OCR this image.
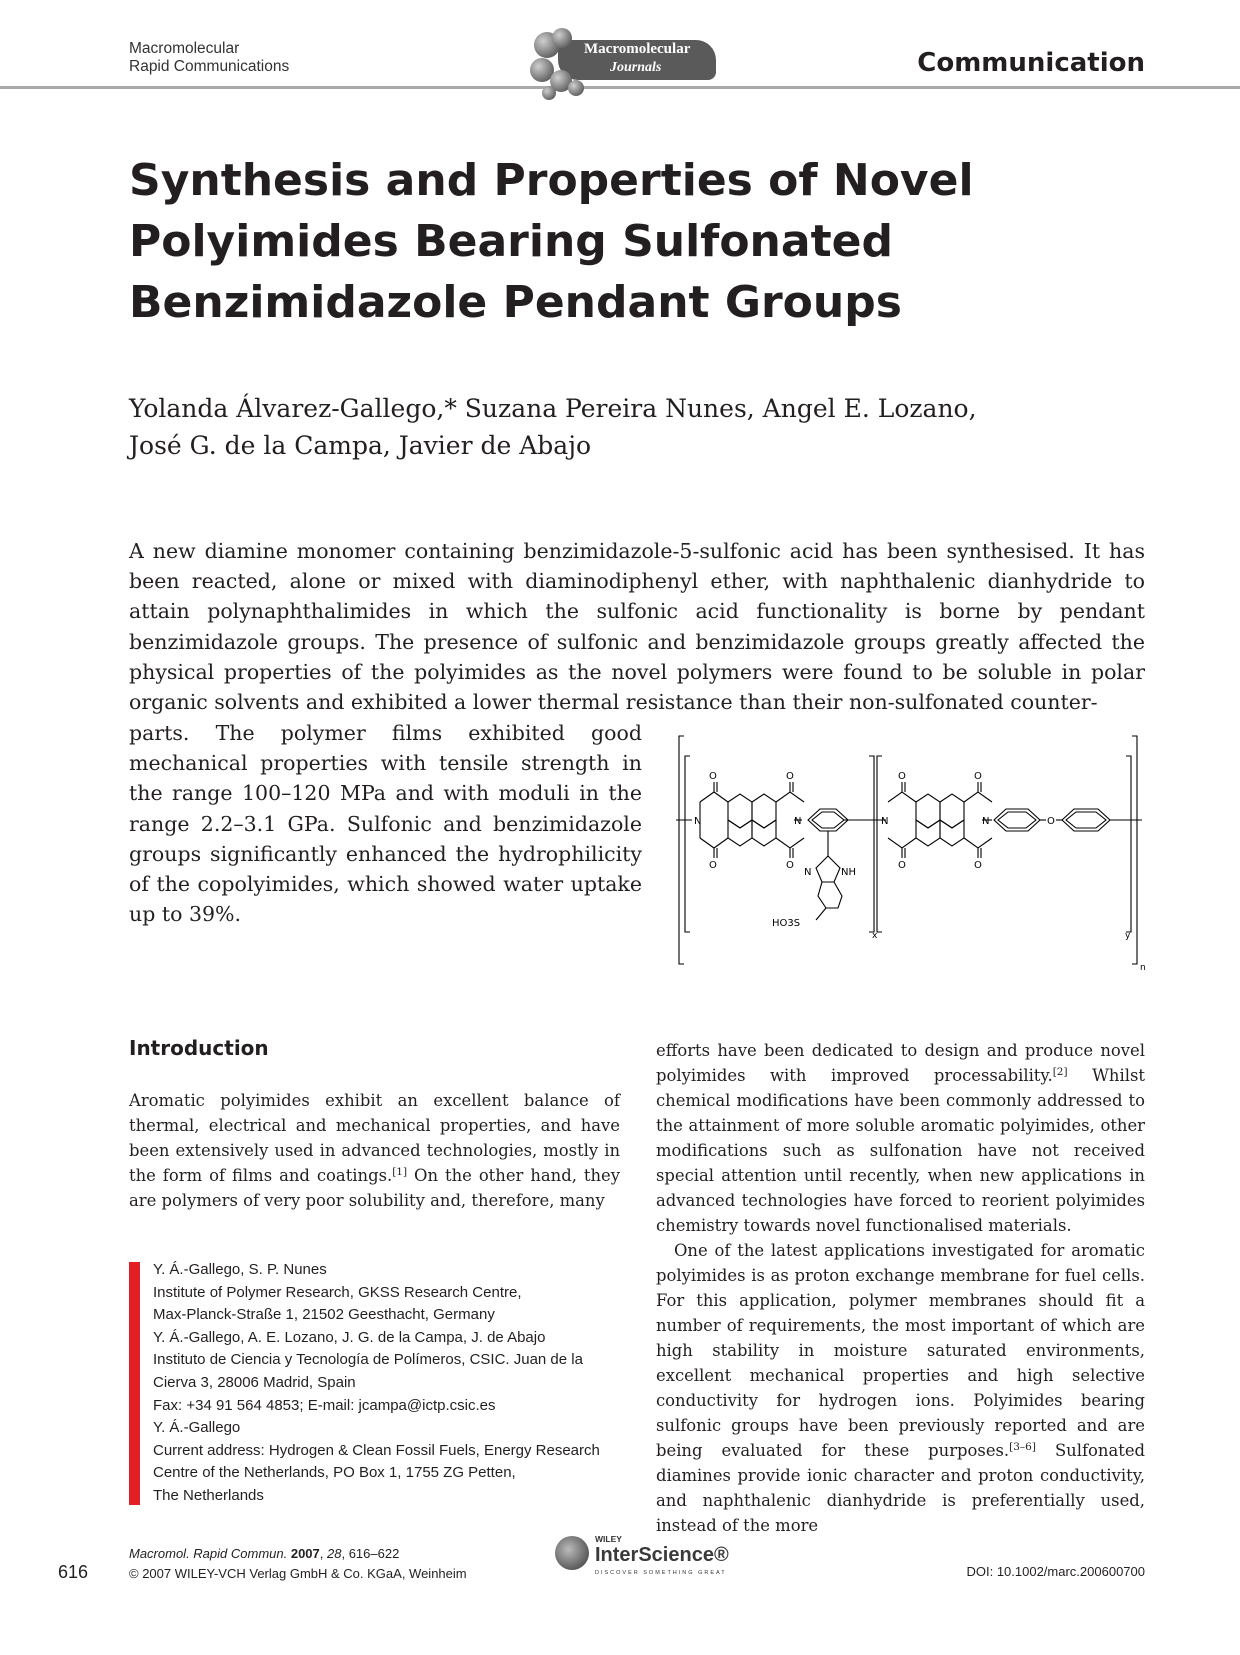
Macromolecular
Rapid Communications
Macromolecular
Journals	Communication
Synthesis and Properties of Novel
Polyimides Bearing Sulfonated
Benzimidazole Pendant Groups
Yolanda Álvarez-Gallego,* Suzana Pereira Nunes, Angel E. Lozano,
José G. de la Campa, Javier de Abajo
A new diamine monomer containing benzimidazole-5-sulfonic acid has been synthesised. It has been reacted, alone or mixed with diaminodiphenyl ether, with naphthalenic dianhydride to attain polynaphthalimides in which the sulfonic acid functionality is borne by pendant benzimidazole groups. The presence of sulfonic and benzimidazole groups greatly affected the physical properties of the polyimides as the novel polymers were found to be soluble in polar organic solvents and exhibited a lower thermal resistance than their non-sulfonated counter-
parts. The polymer films exhibited good mechanical properties with tensile strength in the range 100–120 MPa and with moduli in the range 2.2–3.1 GPa. Sulfonic and benzimidazole groups significantly enhanced the hydrophilicity of the copolyimides, which showed water uptake up to 39%.
O
O
O
O
N	N
N	NH
HO3S
x
O
O
O
O
N	N	O
y
n
Introduction
Aromatic polyimides exhibit an excellent balance of thermal, electrical and mechanical properties, and have been extensively used in advanced technologies, mostly in the form of films and coatings.[1] On the other hand, they are polymers of very poor solubility and, therefore, many

efforts have been dedicated to design and produce novel polyimides with improved processability.[2] Whilst chemical modifications have been commonly addressed to the attainment of more soluble aromatic polyimides, other modifications such as sulfonation have not received special attention until recently, when new applications in advanced technologies have forced to reorient polyimides chemistry towards novel functionalised materials.

One of the latest applications investigated for aromatic polyimides is as proton exchange membrane for fuel cells. For this application, polymer membranes should fit a number of requirements, the most important of which are high stability in moisture saturated environments, excellent mechanical properties and high selective conductivity for hydrogen ions. Polyimides bearing sulfonic groups have been previously reported and are being evaluated for these purposes.[3–6] Sulfonated diamines provide ionic character and proton conductivity, and naphthalenic dianhydride is preferentially used, instead of the more

Y. Á.-Gallego, S. P. Nunes
Institute of Polymer Research, GKSS Research Centre,
Max-Planck-Straße 1, 21502 Geesthacht, Germany
Y. Á.-Gallego, A. E. Lozano, J. G. de la Campa, J. de Abajo
Instituto de Ciencia y Tecnología de Polímeros, CSIC. Juan de la
Cierva 3, 28006 Madrid, Spain
Fax: +34 91 564 4853; E-mail: jcampa@ictp.csic.es
Y. Á.-Gallego
Current address: Hydrogen & Clean Fossil Fuels, Energy Research
Centre of the Netherlands, PO Box 1, 1755 ZG Petten,
The Netherlands
616
Macromol. Rapid Commun. 2007, 28, 616–622
© 2007 WILEY-VCH Verlag GmbH & Co. KGaA, Weinheim
WILEY
InterScience®
DISCOVER SOMETHING GREAT	DOI: 10.1002/marc.200600700
